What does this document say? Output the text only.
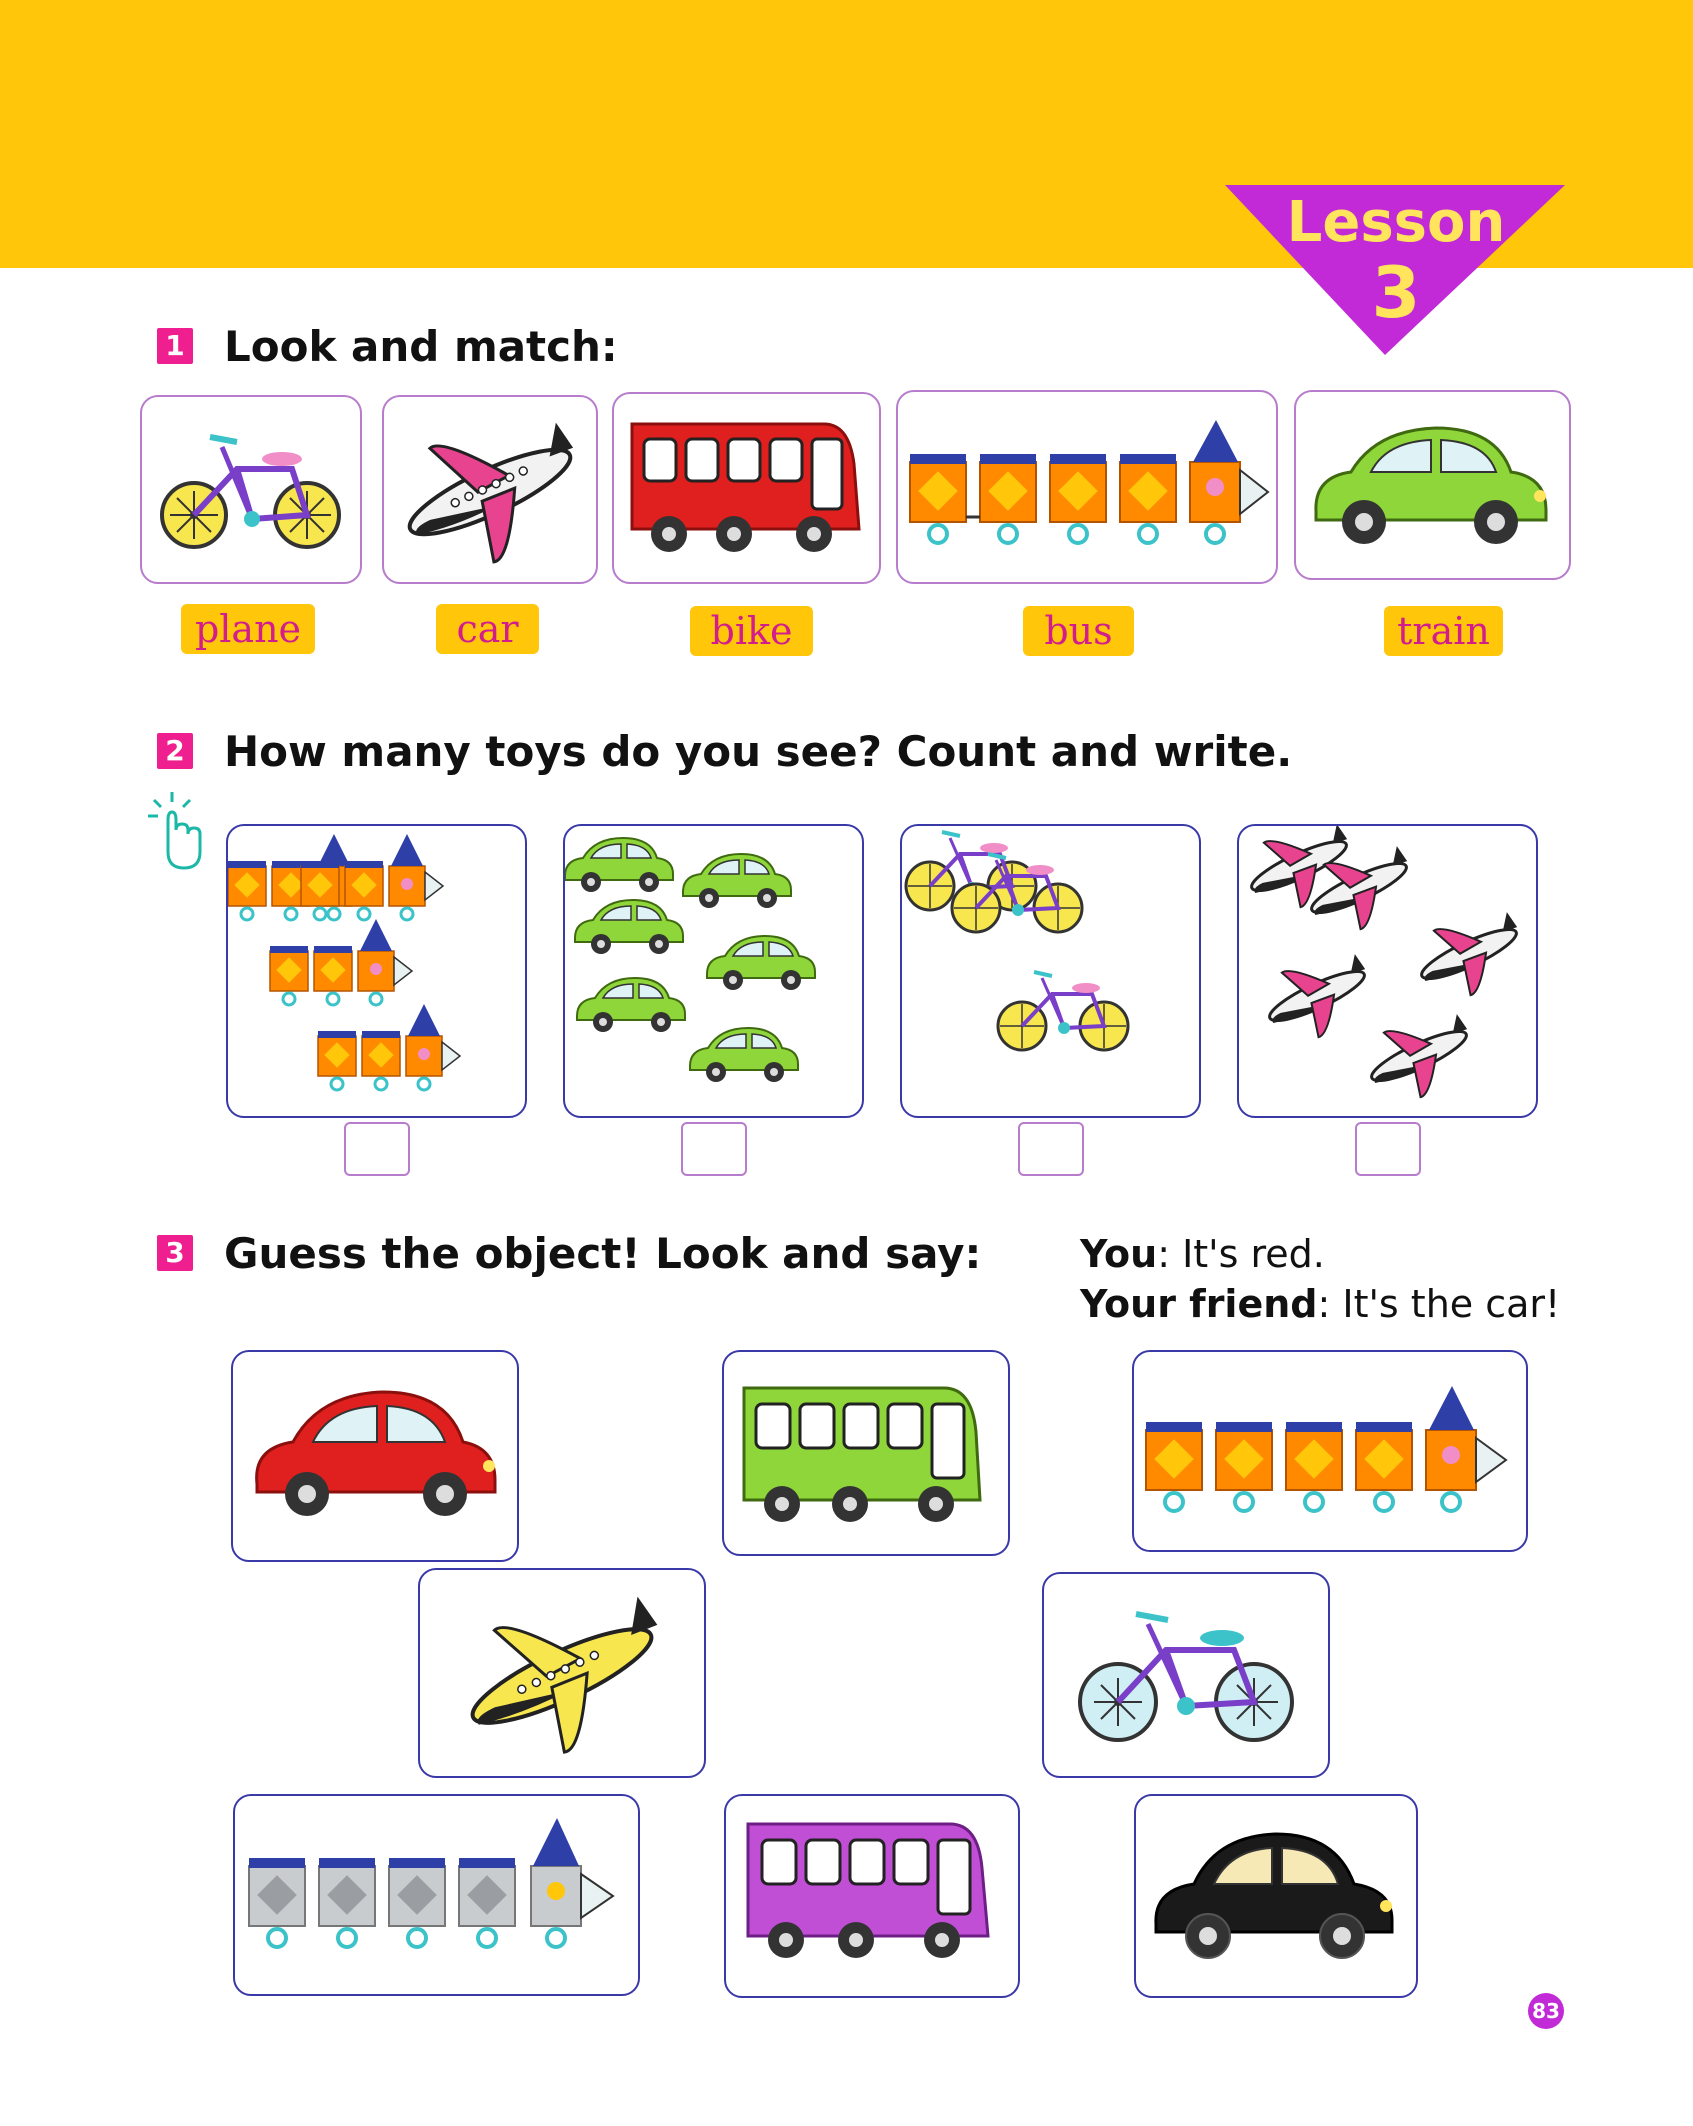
Lesson
3
1 Look and match:
plane	car	bike	bus	train
2 How many toys do you see? Count and write.
3 Guess the object! Look and say:	You: It's red.
Your friend: It's the car!
83
